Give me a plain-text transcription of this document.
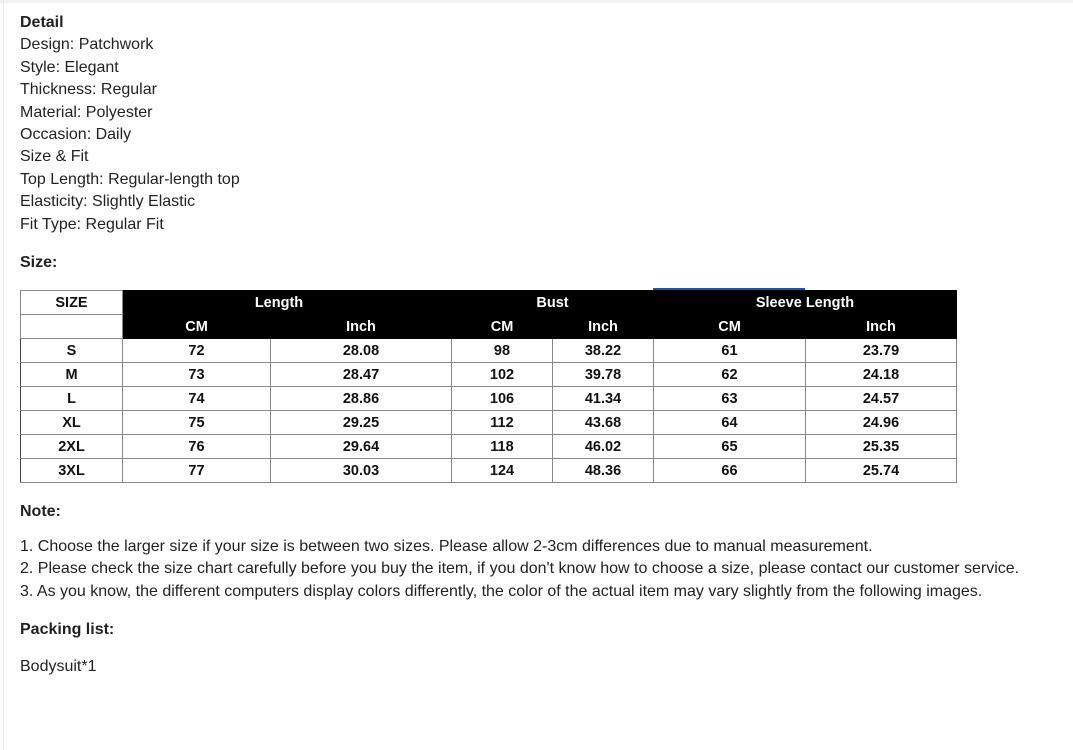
Detail
Design: Patchwork
Style: Elegant
Thickness: Regular
Material: Polyester
Occasion: Daily
Size & Fit
Top Length: Regular-length top
Elasticity: Slightly Elastic
Fit Type: Regular Fit
Size:
SIZE	Length		Bust		Sleeve Length	
	CM	Inch	CM	Inch	CM	Inch
S	72	28.08	98	38.22	61	23.79
M	73	28.47	102	39.78	62	24.18
L	74	28.86	106	41.34	63	24.57
XL	75	29.25	112	43.68	64	24.96
2XL	76	29.64	118	46.02	65	25.35
3XL	77	30.03	124	48.36	66	25.74
Note:
1. Choose the larger size if your size is between two sizes. Please allow 2-3cm differences due to manual measurement.
2. Please check the size chart carefully before you buy the item, if you don't know how to choose a size, please contact our customer service.
3. As you know, the different computers display colors differently, the color of the actual item may vary slightly from the following images.
Packing list:
Bodysuit*1
